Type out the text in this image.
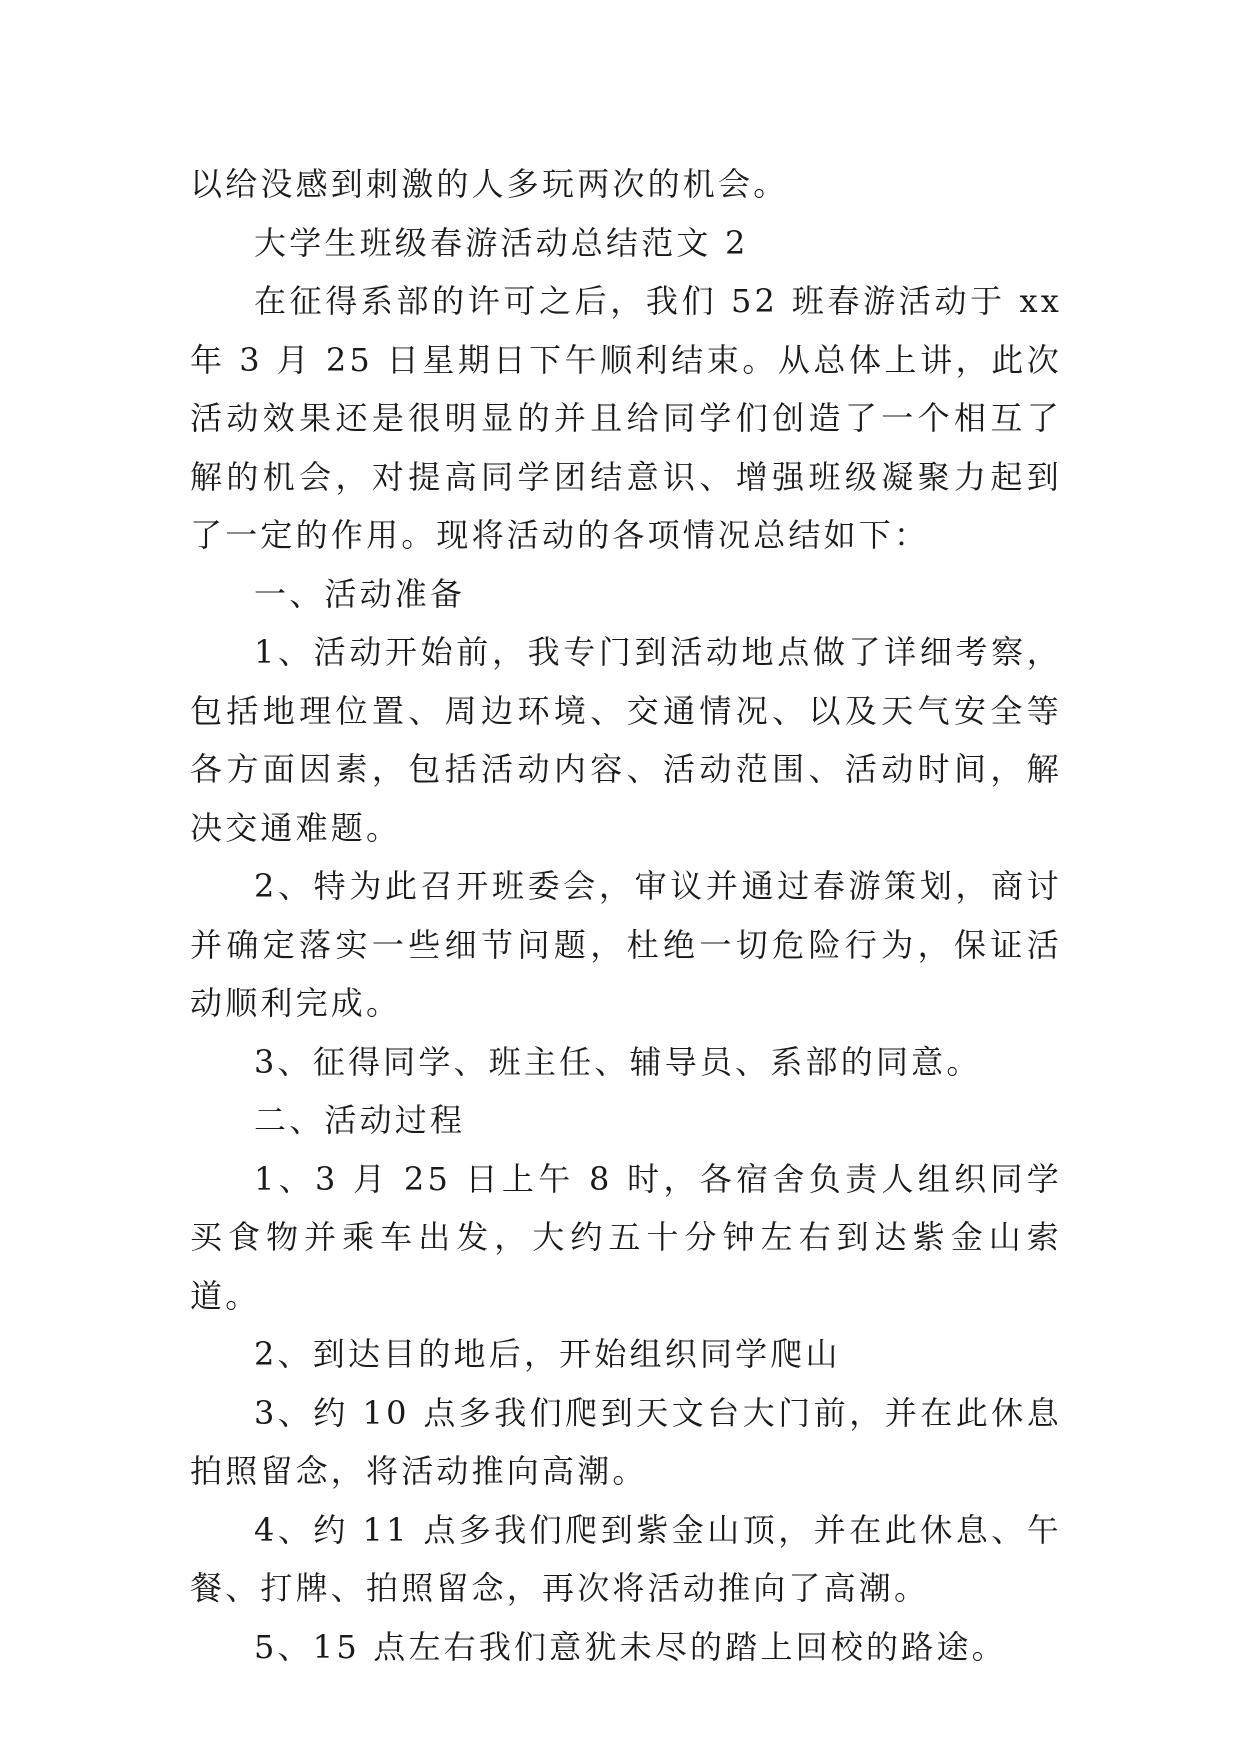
以给没感到刺激的人多玩两次的机会。

大学生班级春游活动总结范文 2

在征得系部的许可之后，我们 52 班春游活动于 xx 年 3 月 25 日星期日下午顺利结束。从总体上讲，此次活动效果还是很明显的并且给同学们创造了一个相互了解的机会，对提高同学团结意识、增强班级凝聚力起到了一定的作用。现将活动的各项情况总结如下：

一、活动准备

1、活动开始前，我专门到活动地点做了详细考察，包括地理位置、周边环境、交通情况、以及天气安全等各方面因素，包括活动内容、活动范围、活动时间，解决交通难题。

2、特为此召开班委会，审议并通过春游策划，商讨并确定落实一些细节问题，杜绝一切危险行为，保证活动顺利完成。

3、征得同学、班主任、辅导员、系部的同意。

二、活动过程

1、3 月 25 日上午 8 时，各宿舍负责人组织同学买食物并乘车出发，大约五十分钟左右到达紫金山索道。

2、到达目的地后，开始组织同学爬山

3、约 10 点多我们爬到天文台大门前，并在此休息拍照留念，将活动推向高潮。

4、约 11 点多我们爬到紫金山顶，并在此休息、午餐、打牌、拍照留念，再次将活动推向了高潮。

5、15 点左右我们意犹未尽的踏上回校的路途。
